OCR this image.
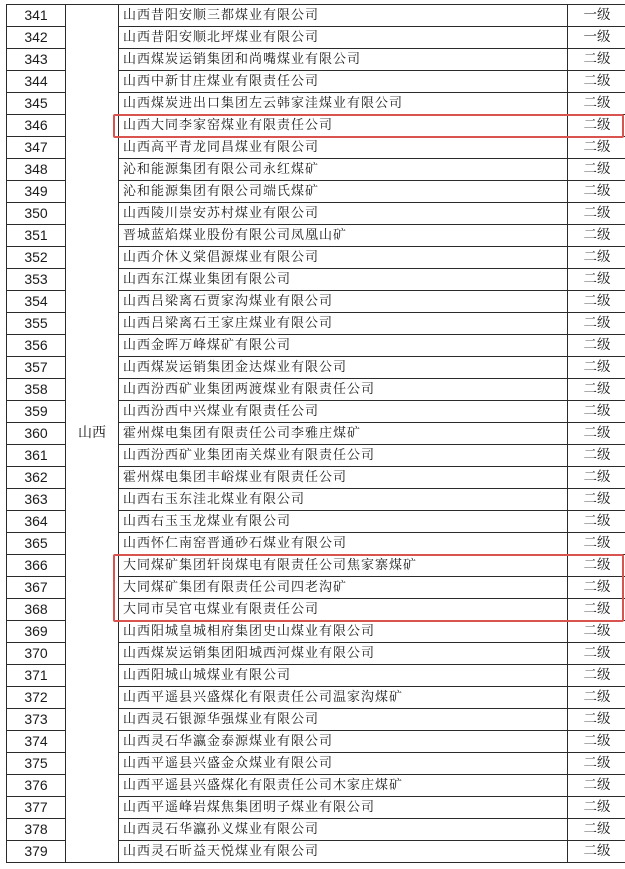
341	山西	山西昔阳安顺三都煤业有限公司	一级
342		山西昔阳安顺北坪煤业有限公司	一级
343		山西煤炭运销集团和尚嘴煤业有限公司	二级
344		山西中新甘庄煤业有限责任公司	二级
345		山西煤炭进出口集团左云韩家洼煤业有限公司	二级
346		山西大同李家窑煤业有限责任公司	二级
347		山西高平青龙同昌煤业有限公司	二级
348		沁和能源集团有限公司永红煤矿	二级
349		沁和能源集团有限公司端氏煤矿	二级
350		山西陵川崇安苏村煤业有限公司	二级
351		晋城蓝焰煤业股份有限公司凤凰山矿	二级
352		山西介休义棠倡源煤业有限公司	二级
353		山西东江煤业集团有限公司	二级
354		山西吕梁离石贾家沟煤业有限公司	二级
355		山西吕梁离石王家庄煤业有限公司	二级
356		山西金晖万峰煤矿有限公司	二级
357		山西煤炭运销集团金达煤业有限公司	二级
358		山西汾西矿业集团两渡煤业有限责任公司	二级
359		山西汾西中兴煤业有限责任公司	二级
360		霍州煤电集团有限责任公司李雅庄煤矿	二级
361		山西汾西矿业集团南关煤业有限责任公司	二级
362		霍州煤电集团丰峪煤业有限责任公司	二级
363		山西右玉东洼北煤业有限公司	二级
364		山西右玉玉龙煤业有限公司	二级
365		山西怀仁南窑晋通砂石煤业有限公司	二级
366		大同煤矿集团轩岗煤电有限责任公司焦家寨煤矿	二级
367		大同煤矿集团有限责任公司四老沟矿	二级
368		大同市吴官屯煤业有限责任公司	二级
369		山西阳城皇城相府集团史山煤业有限公司	二级
370		山西煤炭运销集团阳城西河煤业有限公司	二级
371		山西阳城山城煤业有限公司	二级
372		山西平遥县兴盛煤化有限责任公司温家沟煤矿	二级
373		山西灵石银源华强煤业有限公司	二级
374		山西灵石华瀛金泰源煤业有限公司	二级
375		山西平遥县兴盛金众煤业有限公司	二级
376		山西平遥县兴盛煤化有限责任公司木家庄煤矿	二级
377		山西平遥峰岩煤焦集团明子煤业有限公司	二级
378		山西灵石华瀛孙义煤业有限公司	二级
379		山西灵石昕益天悦煤业有限公司	二级
